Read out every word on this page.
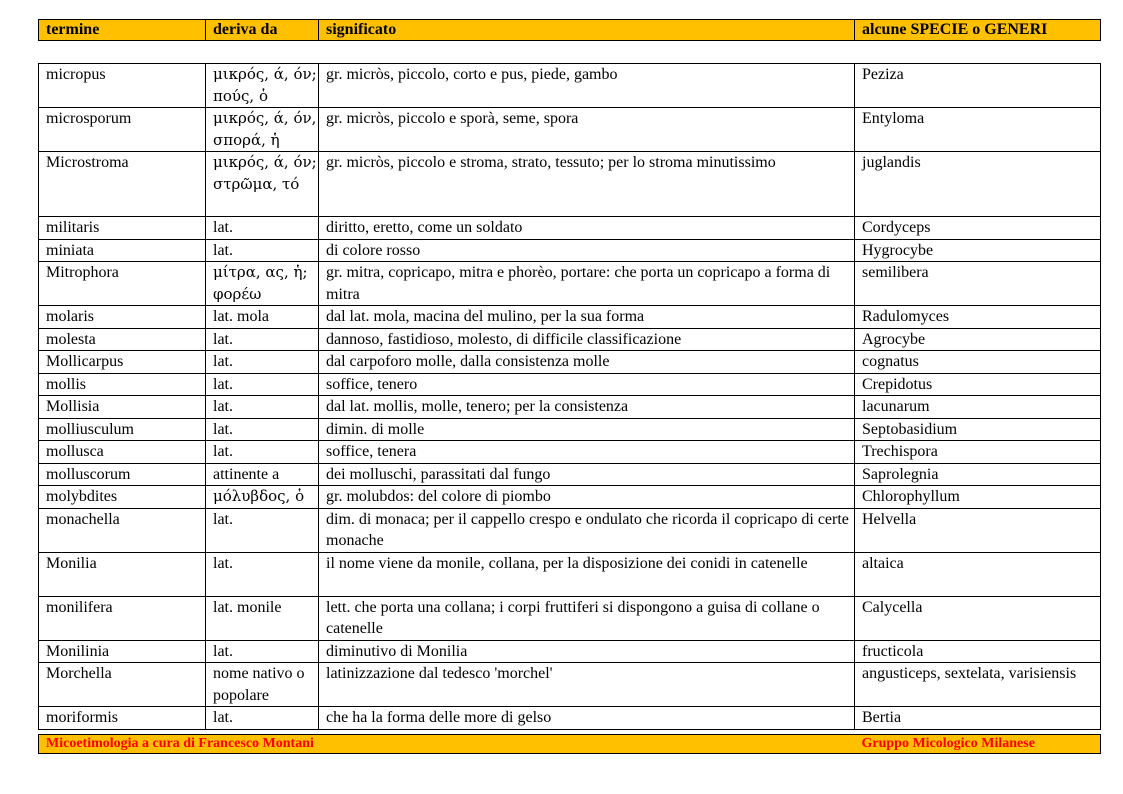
termine	deriva da	significato	alcune SPECIE o GENERI
micropus	μικρός, ά, όν; πούς, ὁ	gr. micròs, piccolo, corto e pus, piede, gambo	Peziza
microsporum	μικρός, ά, όν, σπορά, ἡ	gr. micròs, piccolo e sporà, seme, spora	Entyloma
Microstroma	μικρός, ά, όν; στρῶμα, τό	gr. micròs, piccolo e stroma, strato, tessuto; per lo stroma minutissimo	juglandis
militaris	lat.	diritto, eretto, come un soldato	Cordyceps
miniata	lat.	di colore rosso	Hygrocybe
Mitrophora	μίτρα, ας, ἡ; φορέω	gr. mitra, copricapo, mitra e phorèo, portare: che porta un copricapo a forma di mitra	semilibera
molaris	lat. mola	dal lat. mola, macina del mulino, per la sua forma	Radulomyces
molesta	lat.	dannoso, fastidioso, molesto, di difficile classificazione	Agrocybe
Mollicarpus	lat.	dal carpoforo molle, dalla consistenza molle	cognatus
mollis	lat.	soffice, tenero	Crepidotus
Mollisia	lat.	dal lat. mollis, molle, tenero; per la consistenza	lacunarum
molliusculum	lat.	dimin. di molle	Septobasidium
mollusca	lat.	soffice, tenera	Trechispora
molluscorum	attinente a	dei molluschi, parassitati dal fungo	Saprolegnia
molybdites	μόλυβδος, ὁ	gr. molubdos: del colore di piombo	Chlorophyllum
monachella	lat.	dim. di monaca; per il cappello crespo e ondulato che ricorda il copricapo di certe monache	Helvella
Monilia	lat.	il nome viene da monile, collana, per la disposizione dei conidi in catenelle	altaica
monilifera	lat. monile	lett. che porta una collana; i corpi fruttiferi si dispongono a guisa di collane o catenelle	Calycella
Monilinia	lat.	diminutivo di Monilia	fructicola
Morchella	nome nativo o popolare	latinizzazione dal tedesco 'morchel'	angusticeps, sextelata, varisiensis
moriformis	lat.	che ha la forma delle more di gelso	Bertia
Micoetimologia a cura di Francesco Montani	Gruppo Micologico Milanese
